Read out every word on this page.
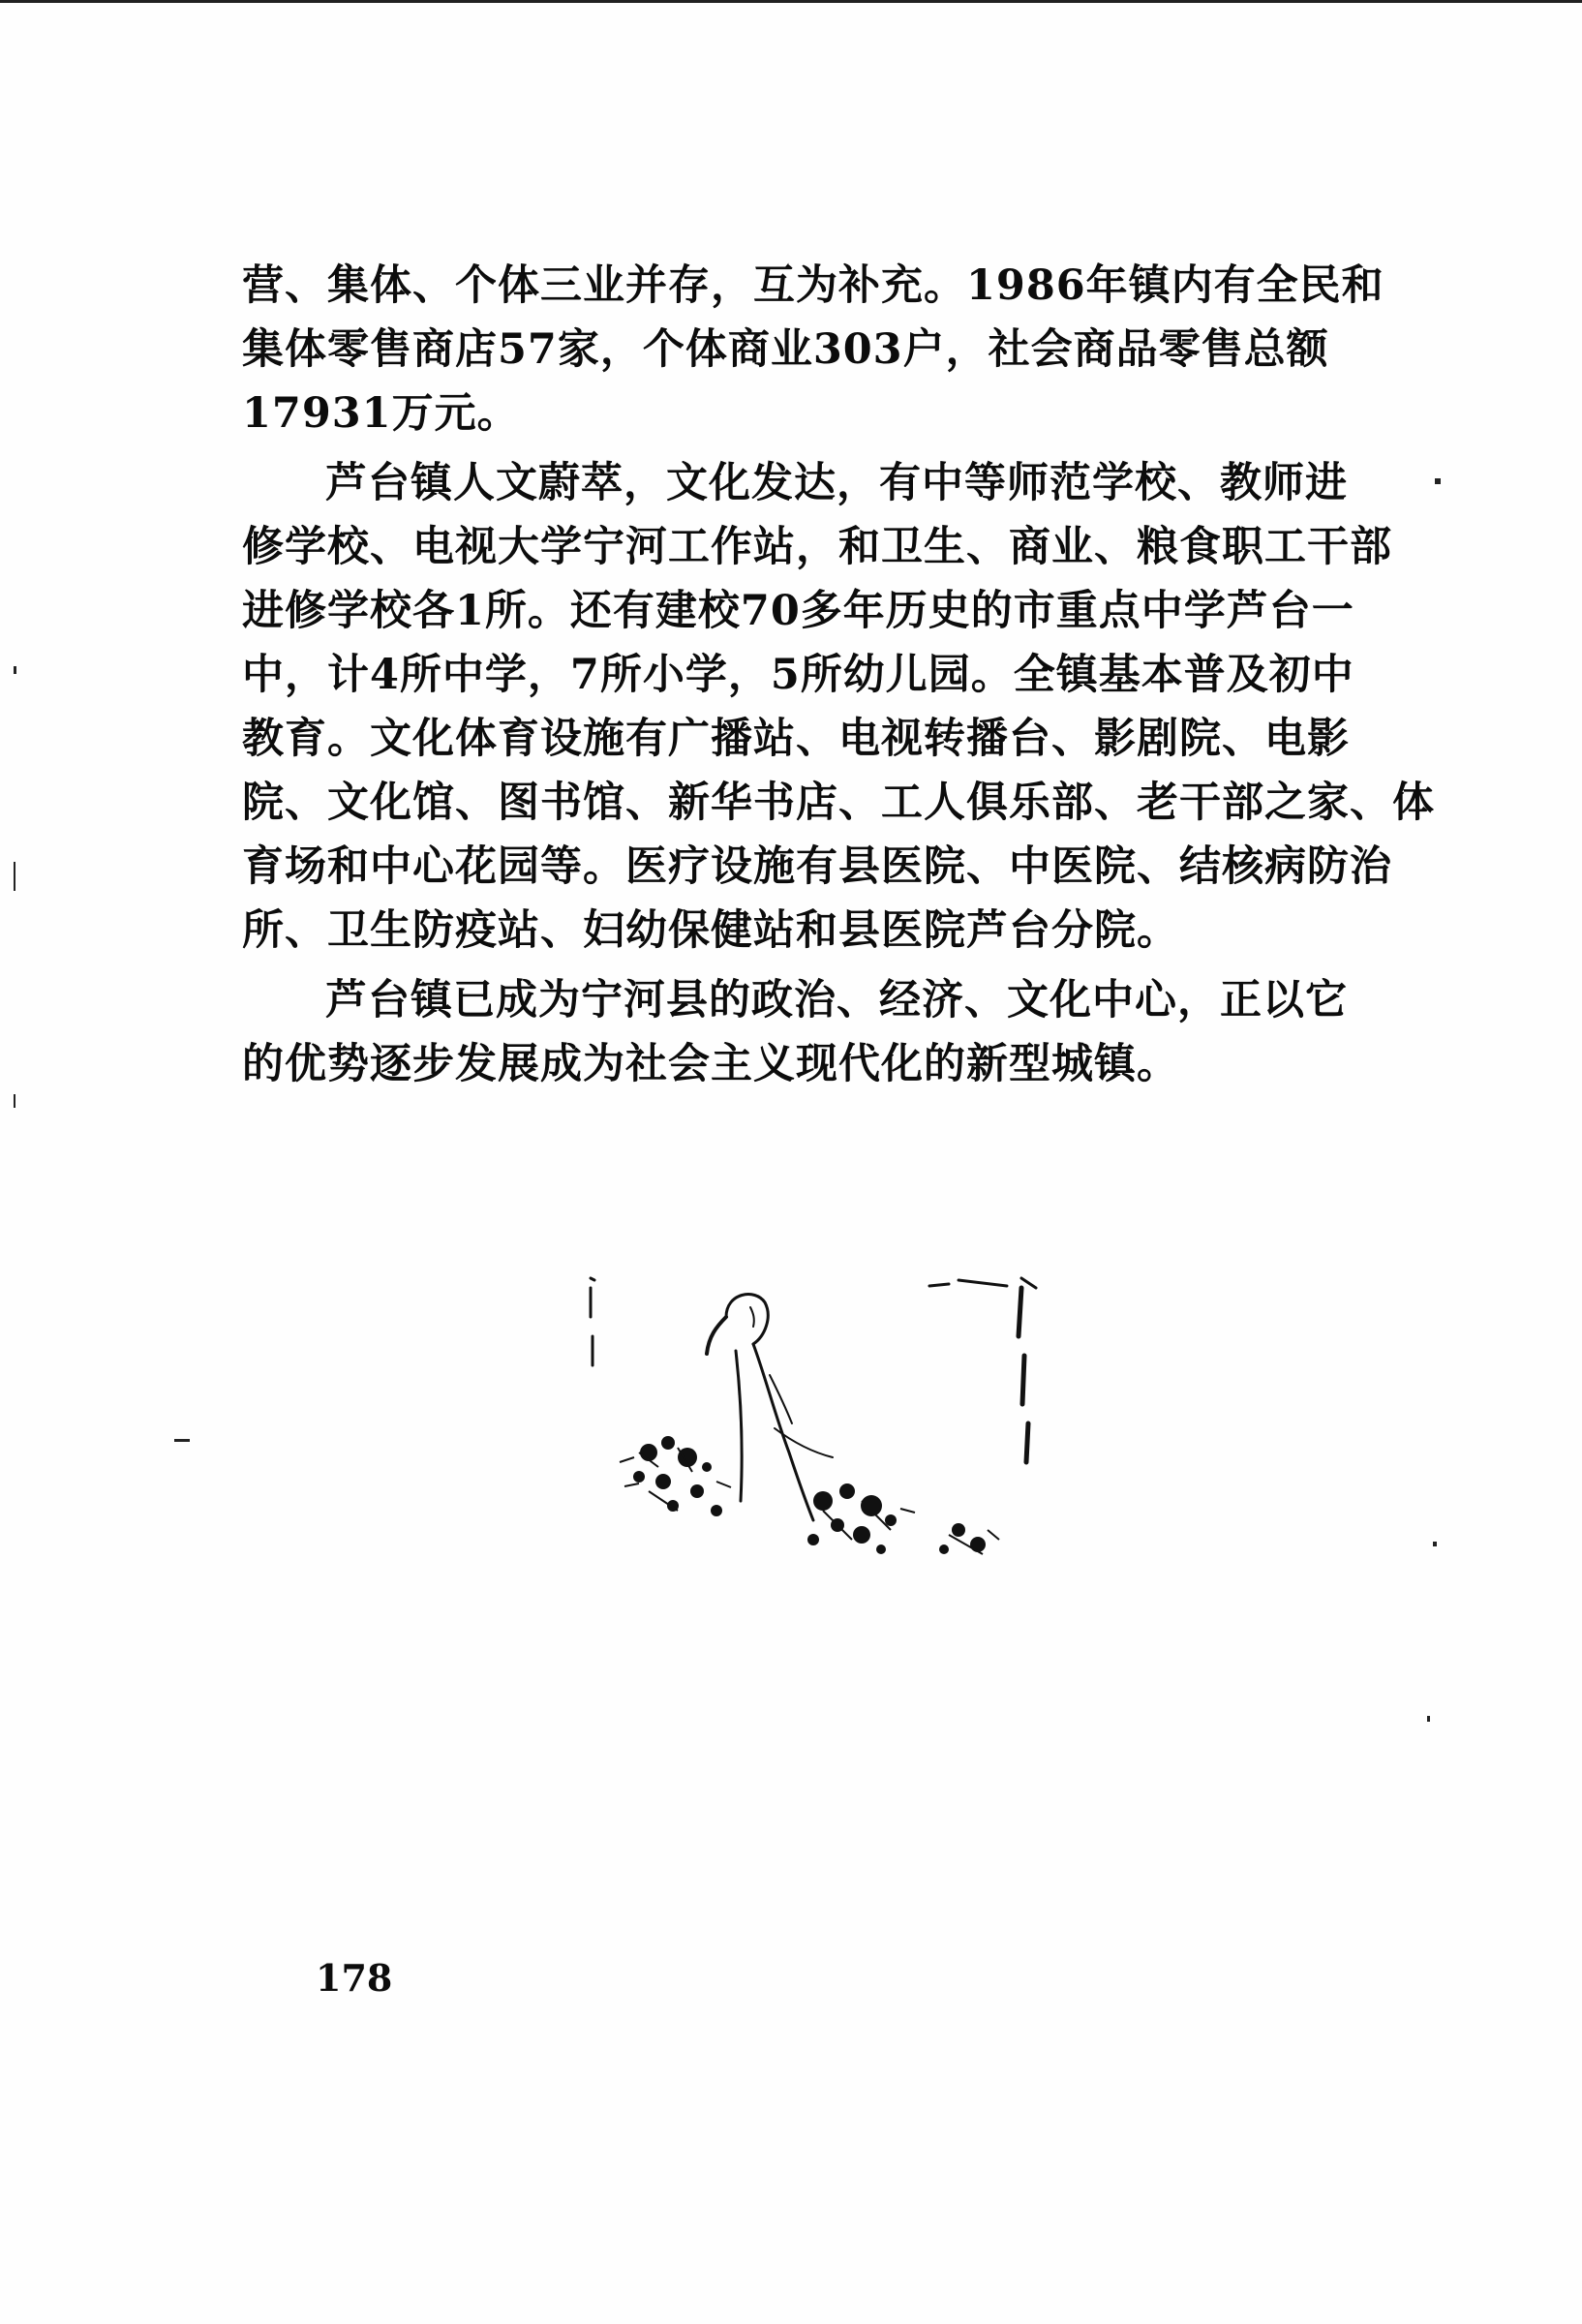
营、集体、个体三业并存，互为补充。1986年镇内有全民和
集体零售商店57家，个体商业303户，社会商品零售总额
17931万元。
芦台镇人文蔚萃，文化发达，有中等师范学校、教师进
修学校、电视大学宁河工作站，和卫生、商业、粮食职工干部
进修学校各1所。还有建校70多年历史的市重点中学芦台一
中，计4所中学，7所小学，5所幼儿园。全镇基本普及初中
教育。文化体育设施有广播站、电视转播台、影剧院、电影
院、文化馆、图书馆、新华书店、工人俱乐部、老干部之家、体
育场和中心花园等。医疗设施有县医院、中医院、结核病防治
所、卫生防疫站、妇幼保健站和县医院芦台分院。
芦台镇已成为宁河县的政治、经济、文化中心，正以它
的优势逐步发展成为社会主义现代化的新型城镇。
178
